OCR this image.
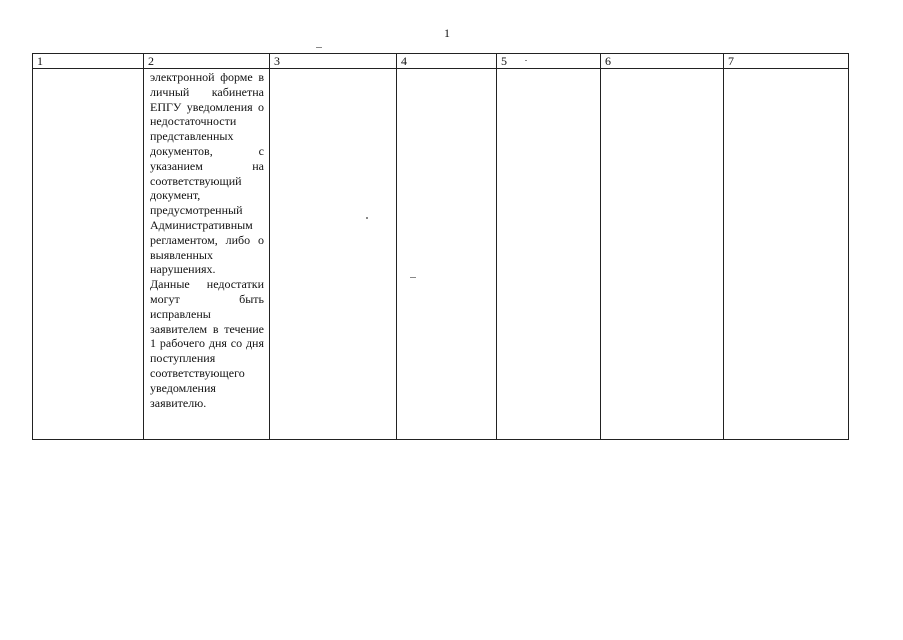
1
1	2	3	4	5	6	7

	электронной форме в личный кабинетна ЕПГУ уведомления о недостаточности представленных документов, с указанием на соответствующий документ, предусмотренный Административным регламентом, либо о выявленных нарушениях.
Данные недостатки могут быть исправлены заявителем в течение 1 рабочего дня со дня поступления соответствующего уведомления заявителю.					
